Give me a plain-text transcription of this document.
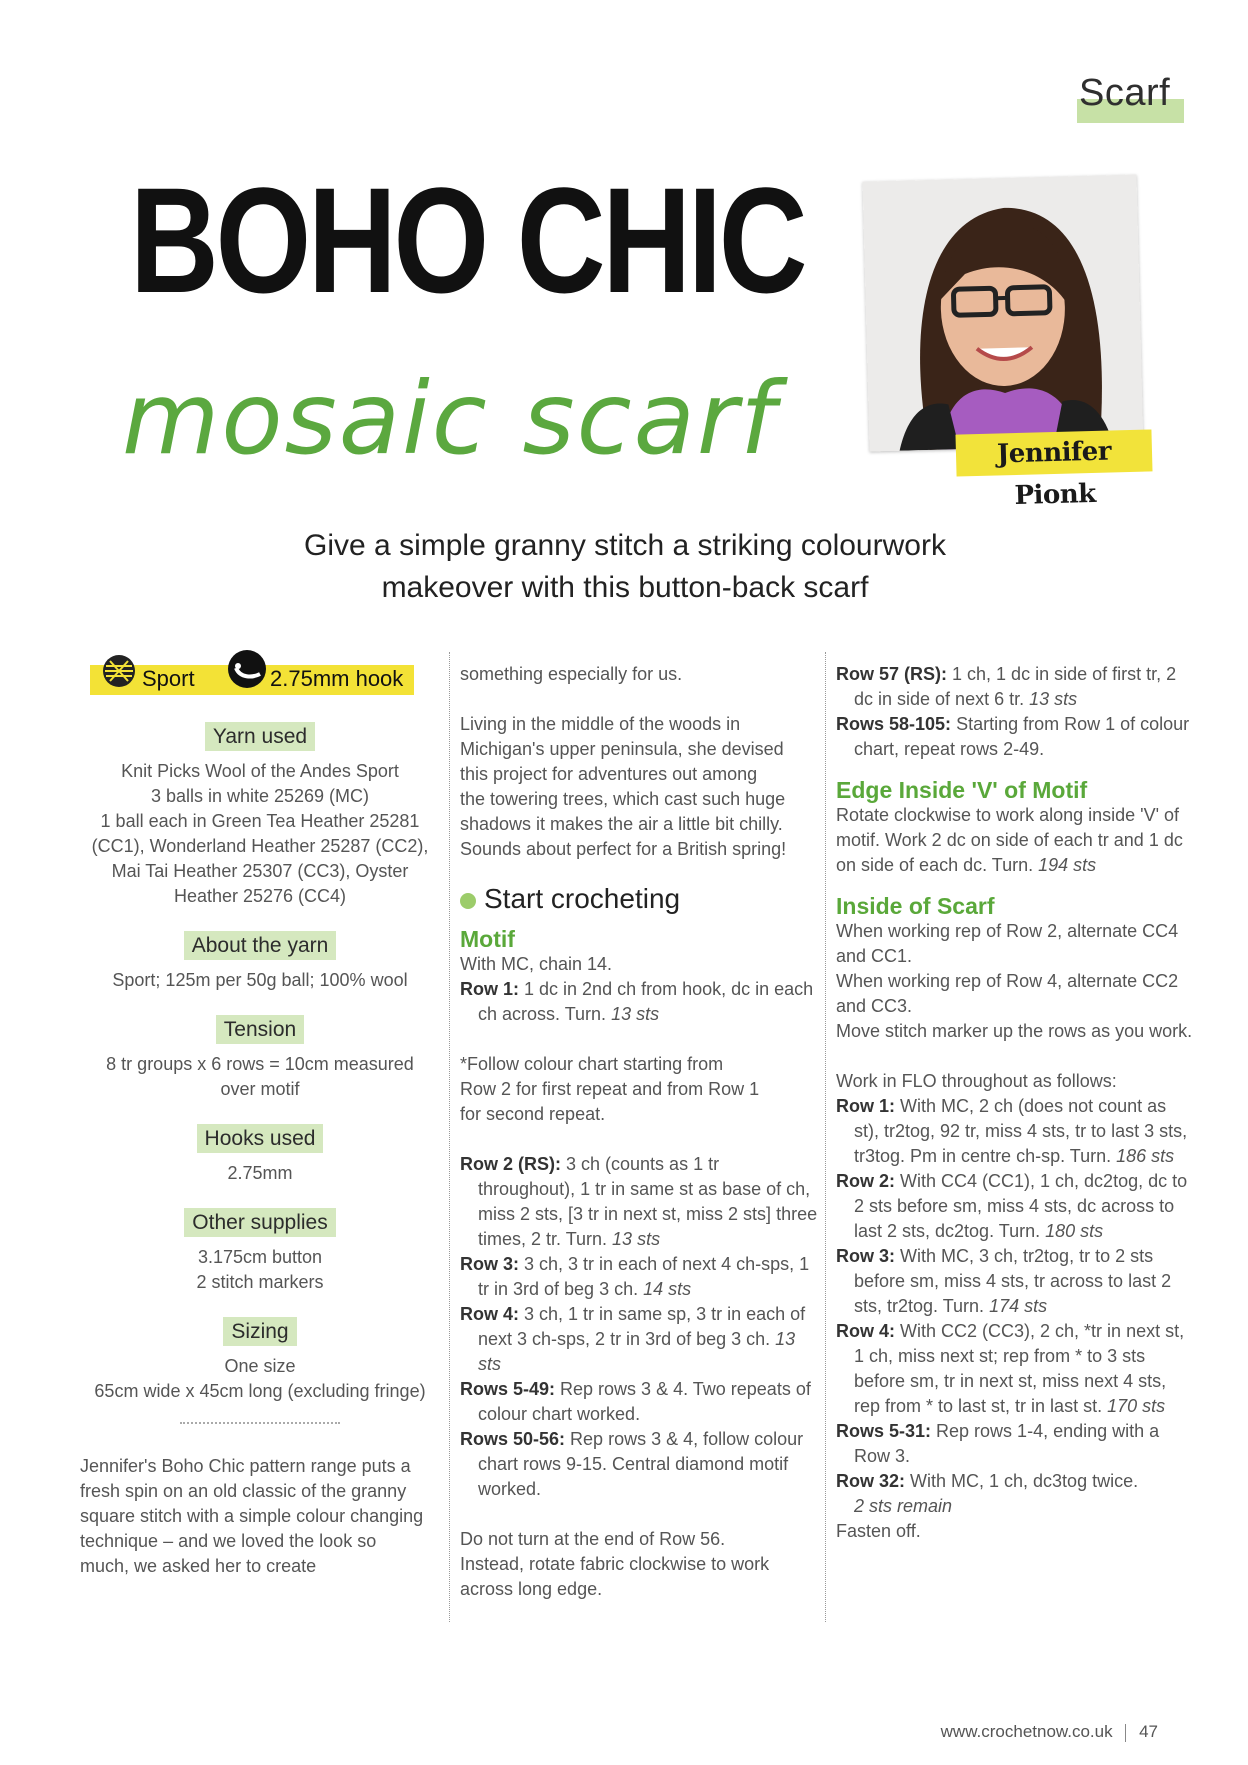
Scarf
BOHO CHIC
mosaic scarf	Jennifer Pionk
Give a simple granny stitch a striking colourwork
makeover with this button-back scarf
Sport	2.75mm hook
Yarn used
Knit Picks Wool of the Andes Sport
3 balls in white 25269 (MC)
1 ball each in Green Tea Heather 25281
(CC1), Wonderland Heather 25287 (CC2),
Mai Tai Heather 25307 (CC3), Oyster
Heather 25276 (CC4)
About the yarn
Sport; 125m per 50g ball; 100% wool
Tension
8 tr groups x 6 rows = 10cm measured
over motif
Hooks used
2.75mm
Other supplies
3.175cm button
2 stitch markers
Sizing
One size
65cm wide x 45cm long (excluding fringe)
Jennifer's Boho Chic pattern range puts a
fresh spin on an old classic of the granny
square stitch with a simple colour changing
technique – and we loved the look so
much, we asked her to create

something especially for us.

Living in the middle of the woods in
Michigan's upper peninsula, she devised
this project for adventures out among
the towering trees, which cast such huge
shadows it makes the air a little bit chilly.
Sounds about perfect for a British spring!
Start crocheting
Motif

With MC, chain 14.

Row 1: 1 dc in 2nd ch from hook, dc in each ch across. Turn. 13 sts

*Follow colour chart starting from
Row 2 for first repeat and from Row 1
for second repeat.

Row 2 (RS): 3 ch (counts as 1 tr throughout), 1 tr in same st as base of ch, miss 2 sts, [3 tr in next st, miss 2 sts] three times, 2 tr. Turn. 13 sts

Row 3: 3 ch, 3 tr in each of next 4 ch-sps, 1 tr in 3rd of beg 3 ch. 14 sts

Row 4: 3 ch, 1 tr in same sp, 3 tr in each of next 3 ch-sps, 2 tr in 3rd of beg 3 ch. 13 sts

Rows 5-49: Rep rows 3 & 4. Two repeats of colour chart worked.

Rows 50-56: Rep rows 3 & 4, follow colour chart rows 9-15. Central diamond motif worked.

Do not turn at the end of Row 56.
Instead, rotate fabric clockwise to work
across long edge.

Row 57 (RS): 1 ch, 1 dc in side of first tr, 2 dc in side of next 6 tr. 13 sts

Rows 58-105: Starting from Row 1 of colour chart, repeat rows 2-49.

Edge Inside 'V' of Motif

Rotate clockwise to work along inside 'V' of motif. Work 2 dc on side of each tr and 1 dc on side of each dc. Turn. 194 sts

Inside of Scarf

When working rep of Row 2, alternate CC4 and CC1.

When working rep of Row 4, alternate CC2 and CC3.

Move stitch marker up the rows as you work.

Work in FLO throughout as follows:

Row 1: With MC, 2 ch (does not count as st), tr2tog, 92 tr, miss 4 sts, tr to last 3 sts, tr3tog. Pm in centre ch-sp. Turn. 186 sts

Row 2: With CC4 (CC1), 1 ch, dc2tog, dc to 2 sts before sm, miss 4 sts, dc across to last 2 sts, dc2tog. Turn. 180 sts

Row 3: With MC, 3 ch, tr2tog, tr to 2 sts before sm, miss 4 sts, tr across to last 2 sts, tr2tog. Turn. 174 sts

Row 4: With CC2 (CC3), 2 ch, *tr in next st, 1 ch, miss next st; rep from * to 3 sts before sm, tr in next st, miss next 4 sts, rep from * to last st, tr in last st. 170 sts

Rows 5-31: Rep rows 1-4, ending with a Row 3.

Row 32: With MC, 1 ch, dc3tog twice.

2 sts remain

Fasten off.

www.crochetnow.co.uk 47
